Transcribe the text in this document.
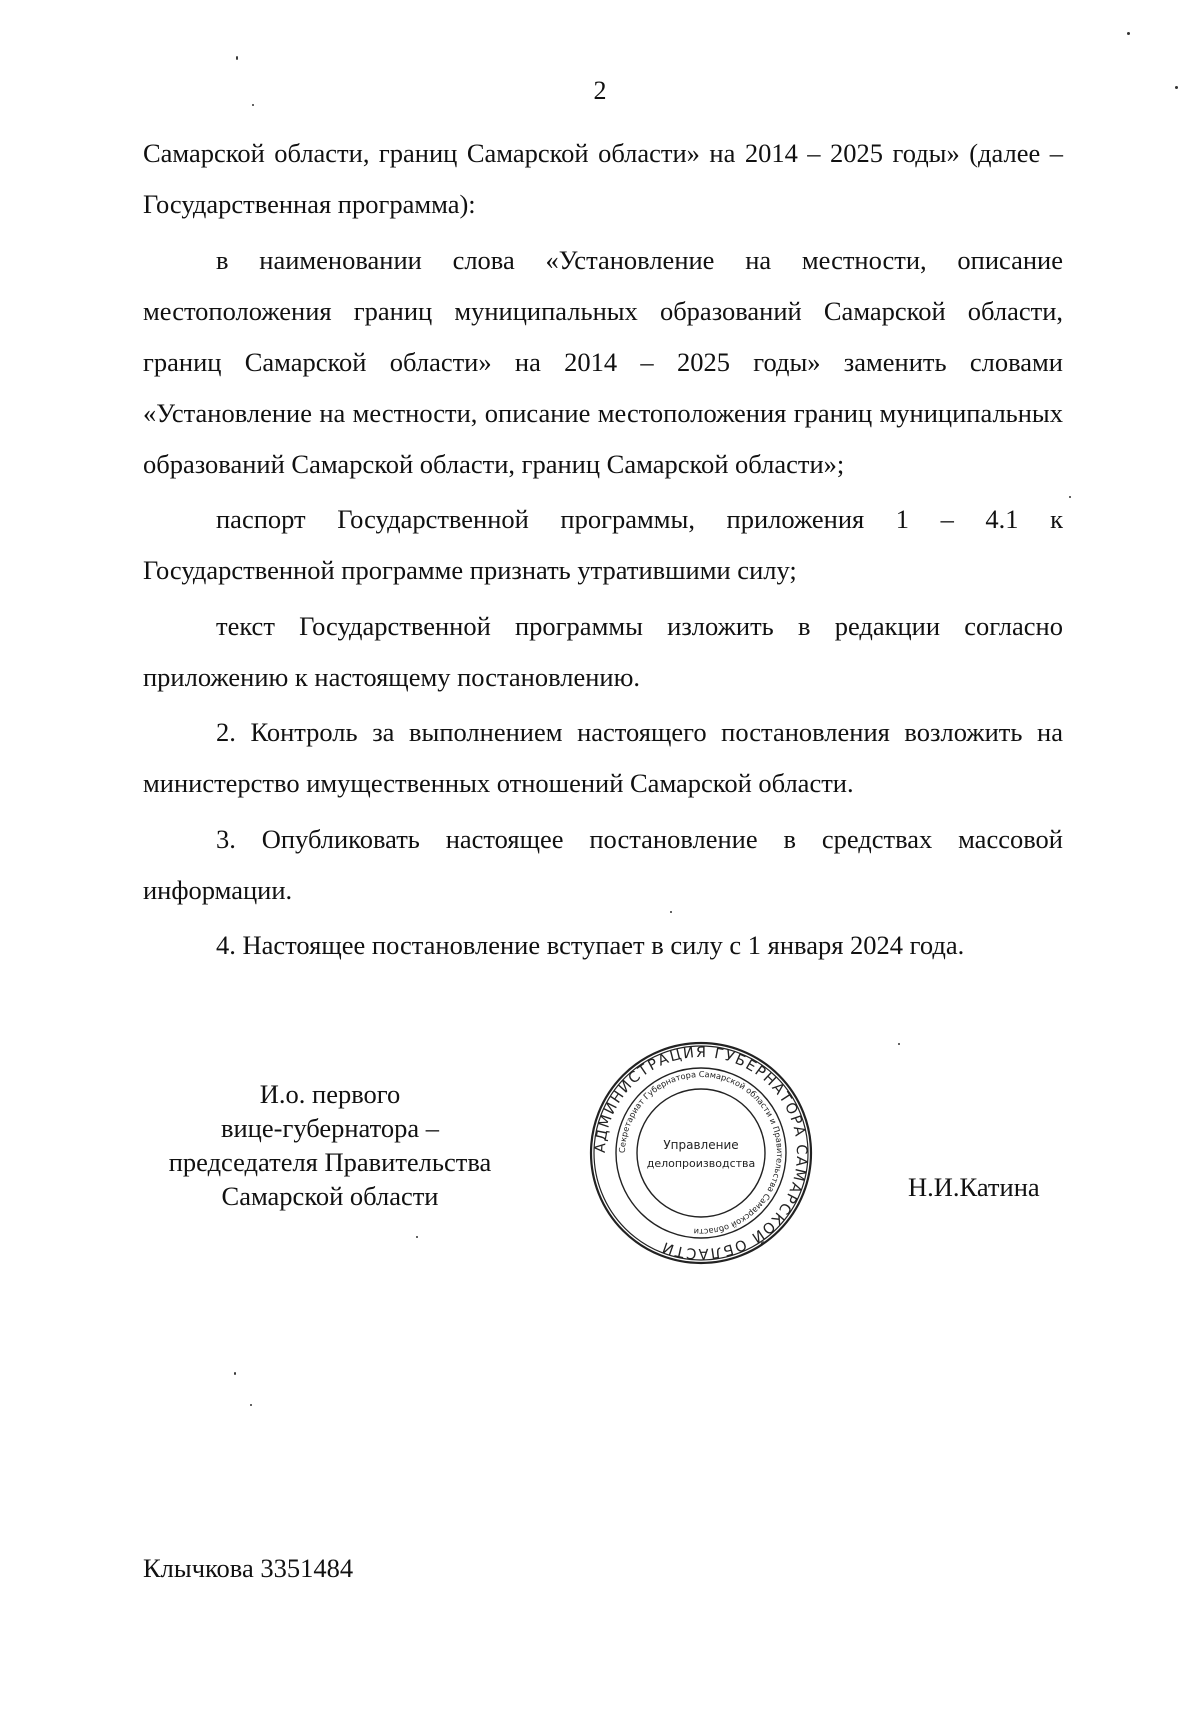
2

Самарской области, границ Самарской области» на 2014 – 2025 годы» (далее – Государственная программа):

в наименовании слова «Установление на местности, описание местоположения границ муниципальных образований Самарской области, границ Самарской области» на 2014 – 2025 годы» заменить словами «Установление на местности, описание местоположения границ муниципальных образований Самарской области, границ Самарской области»;

паспорт Государственной программы, приложения 1 – 4.1 к Государственной программе признать утратившими силу;

текст Государственной программы изложить в редакции согласно приложению к настоящему постановлению.

2. Контроль за выполнением настоящего постановления возложить на министерство имущественных отношений Самарской области.

3. Опубликовать настоящее постановление в средствах массовой информации.

4. Настоящее постановление вступает в силу с 1 января 2024 года.

И.о. первого
вице-губернатора –
председателя Правительства
Самарской области
АДМИНИСТРАЦИЯ ГУБЕРНАТОРА САМАРСКОЙ ОБЛАСТИ
Секретариат Губернатора Самарской области и Правительства Самарской области
Управление
делопроизводства
Н.И.Катина
Клычкова 3351484
